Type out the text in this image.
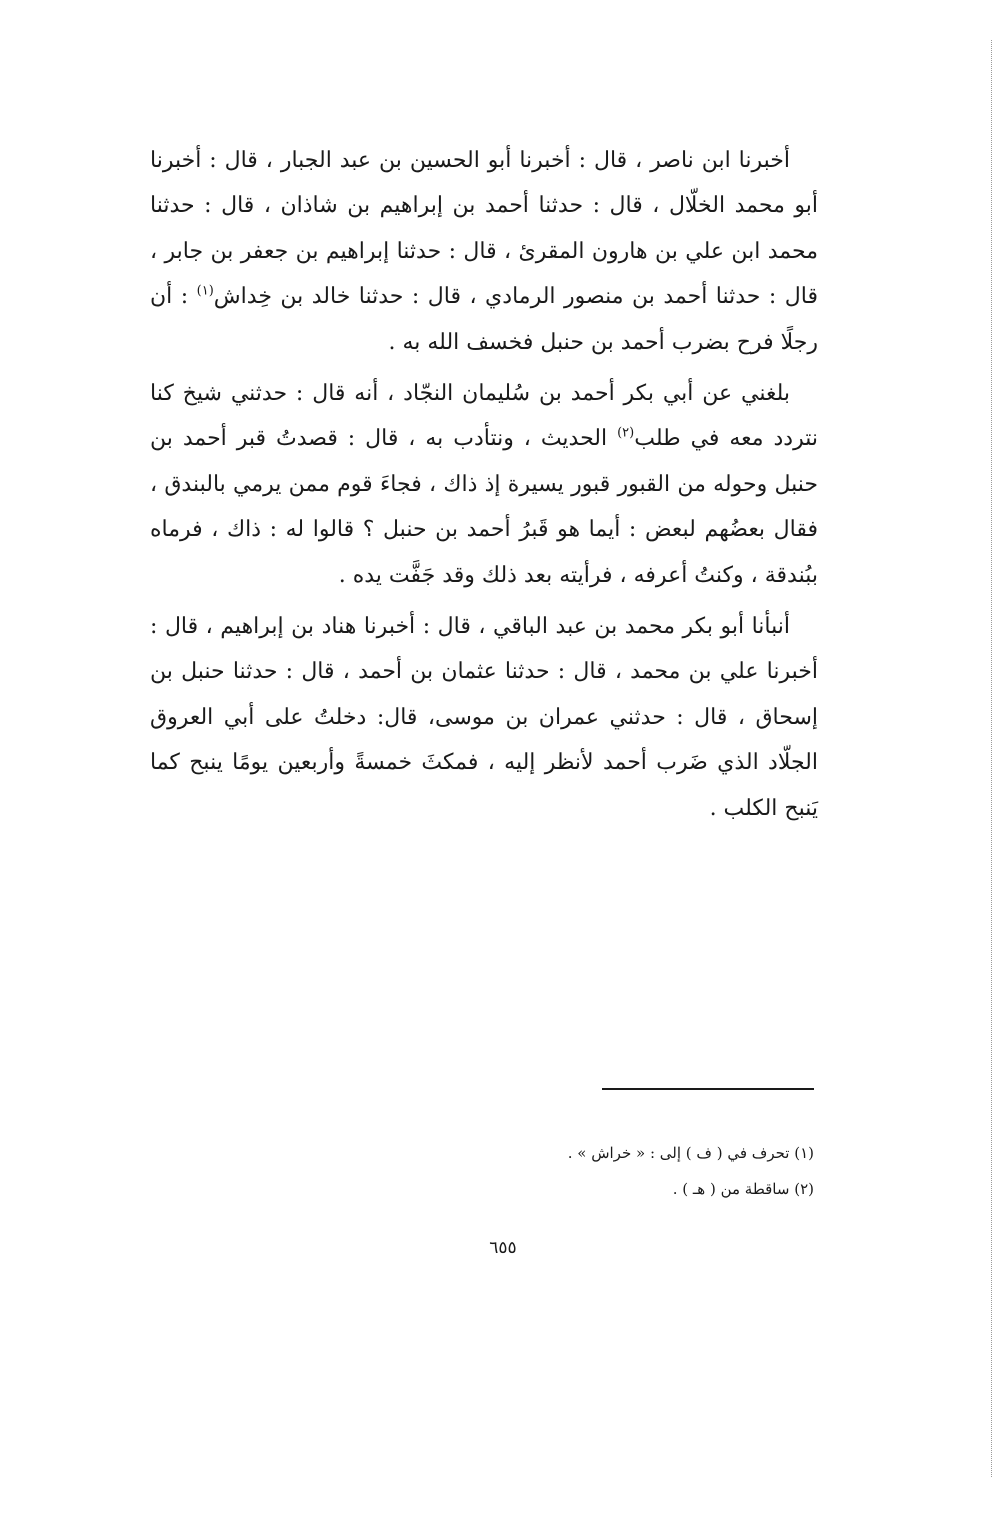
أخبرنا ابن ناصر ، قال : أخبرنا أبو الحسين بن عبد الجبار ، قال : أخبرنا أبو محمد الخلّال ، قال : حدثنا أحمد بن إبراهيم بن شاذان ، قال : حدثنا محمد ابن علي بن هارون المقرئ ، قال : حدثنا إبراهيم بن جعفر بن جابر ، قال : حدثنا أحمد بن منصور الرمادي ، قال : حدثنا خالد بن خِداش$^{(١)}$ : أن رجلًا فرح بضرب أحمد بن حنبل فخسف الله به .

بلغني عن أبي بكر أحمد بن سُليمان النجّاد ، أنه قال : حدثني شيخ كنا نتردد معه في طلب$^{(٢)}$ الحديث ، ونتأدب به ، قال : قصدتُ قبر أحمد بن حنبل وحوله من القبور قبور يسيرة إذ ذاك ، فجاءَ قوم ممن يرمي بالبندق ، فقال بعضُهم لبعض : أيما هو قَبرُ أحمد بن حنبل ؟ قالوا له : ذاك ، فرماه ببُندقة ، وكنتُ أعرفه ، فرأيته بعد ذلك وقد جَفَّت يده .

أنبأنا أبو بكر محمد بن عبد الباقي ، قال : أخبرنا هناد بن إبراهيم ، قال : أخبرنا علي بن محمد ، قال : حدثنا عثمان بن أحمد ، قال : حدثنا حنبل بن إسحاق ، قال : حدثني عمران بن موسى، قال: دخلتُ على أبي العروق الجلّاد الذي ضَرب أحمد لأنظر إليه ، فمكثَ خمسةً وأربعين يومًا ينبح كما يَنبح الكلب .

(١) تحرف في ( ف ) إلى : « خراش » .

(٢) ساقطة من ( هـ ) .

٦٥٥
